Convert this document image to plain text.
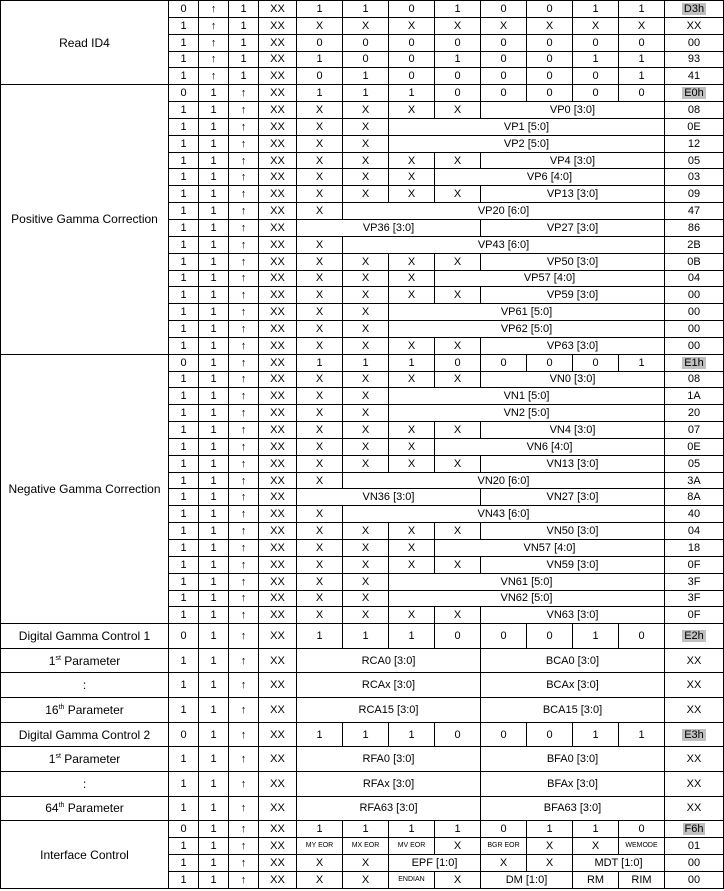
Read ID4	0	↑	1	XX	1	1	0	1	0	0	1	1	D3h
	1	↑	1	XX	X	X	X	X	X	X	X	X	XX
	1	↑	1	XX	0	0	0	0	0	0	0	0	00
	1	↑	1	XX	1	0	0	1	0	0	1	1	93
	1	↑	1	XX	0	1	0	0	0	0	0	1	41
Positive Gamma Correction	0	1	↑	XX	1	1	1	0	0	0	0	0	E0h
	1	1	↑	XX	X	X	X	X	VP0 [3:0]				08
	1	1	↑	XX	X	X	VP1 [5:0]						0E
	1	1	↑	XX	X	X	VP2 [5:0]						12
	1	1	↑	XX	X	X	X	X	VP4 [3:0]				05
	1	1	↑	XX	X	X	X	VP6 [4:0]					03
	1	1	↑	XX	X	X	X	X	VP13 [3:0]				09
	1	1	↑	XX	X	VP20 [6:0]							47
	1	1	↑	XX	VP36 [3:0]				VP27 [3:0]				86
	1	1	↑	XX	X	VP43 [6:0]							2B
	1	1	↑	XX	X	X	X	X	VP50 [3:0]				0B
	1	1	↑	XX	X	X	X	VP57 [4:0]					04
	1	1	↑	XX	X	X	X	X	VP59 [3:0]				00
	1	1	↑	XX	X	X	VP61 [5:0]						00
	1	1	↑	XX	X	X	VP62 [5:0]						00
	1	1	↑	XX	X	X	X	X	VP63 [3:0]				00
Negative Gamma Correction	0	1	↑	XX	1	1	1	0	0	0	0	1	E1h
	1	1	↑	XX	X	X	X	X	VN0 [3:0]				08
	1	1	↑	XX	X	X	VN1 [5:0]						1A
	1	1	↑	XX	X	X	VN2 [5:0]						20
	1	1	↑	XX	X	X	X	X	VN4 [3:0]				07
	1	1	↑	XX	X	X	X	VN6 [4:0]					0E
	1	1	↑	XX	X	X	X	X	VN13 [3:0]				05
	1	1	↑	XX	X	VN20 [6:0]							3A
	1	1	↑	XX	VN36 [3:0]				VN27 [3:0]				8A
	1	1	↑	XX	X	VN43 [6:0]							40
	1	1	↑	XX	X	X	X	X	VN50 [3:0]				04
	1	1	↑	XX	X	X	X	VN57 [4:0]					18
	1	1	↑	XX	X	X	X	X	VN59 [3:0]				0F
	1	1	↑	XX	X	X	VN61 [5:0]						3F
	1	1	↑	XX	X	X	VN62 [5:0]						3F
	1	1	↑	XX	X	X	X	X	VN63 [3:0]				0F
Digital Gamma Control 1	0	1	↑	XX	1	1	1	0	0	0	1	0	E2h
1st Parameter	1	1	↑	XX	RCA0 [3:0]				BCA0 [3:0]				XX
:	1	1	↑	XX	RCAx [3:0]				BCAx [3:0]				XX
16th Parameter	1	1	↑	XX	RCA15 [3:0]				BCA15 [3:0]				XX
Digital Gamma Control 2	0	1	↑	XX	1	1	1	0	0	0	1	1	E3h
1st Parameter	1	1	↑	XX	RFA0 [3:0]				BFA0 [3:0]				XX
:	1	1	↑	XX	RFAx [3:0]				BFAx [3:0]				XX
64th Parameter	1	1	↑	XX	RFA63 [3:0]				BFA63 [3:0]				XX
Interface Control	0	1	↑	XX	1	1	1	1	0	1	1	0	F6h
	1	1	↑	XX	MY EOR	MX EOR	MV EOR	X	BGR EOR	X	X	WEMODE	01
	1	1	↑	XX	X	X	EPF [1:0]		X	X	MDT [1:0]		00
	1	1	↑	XX	X	X	ENDIAN	X	DM [1:0]		RM	RIM	00
